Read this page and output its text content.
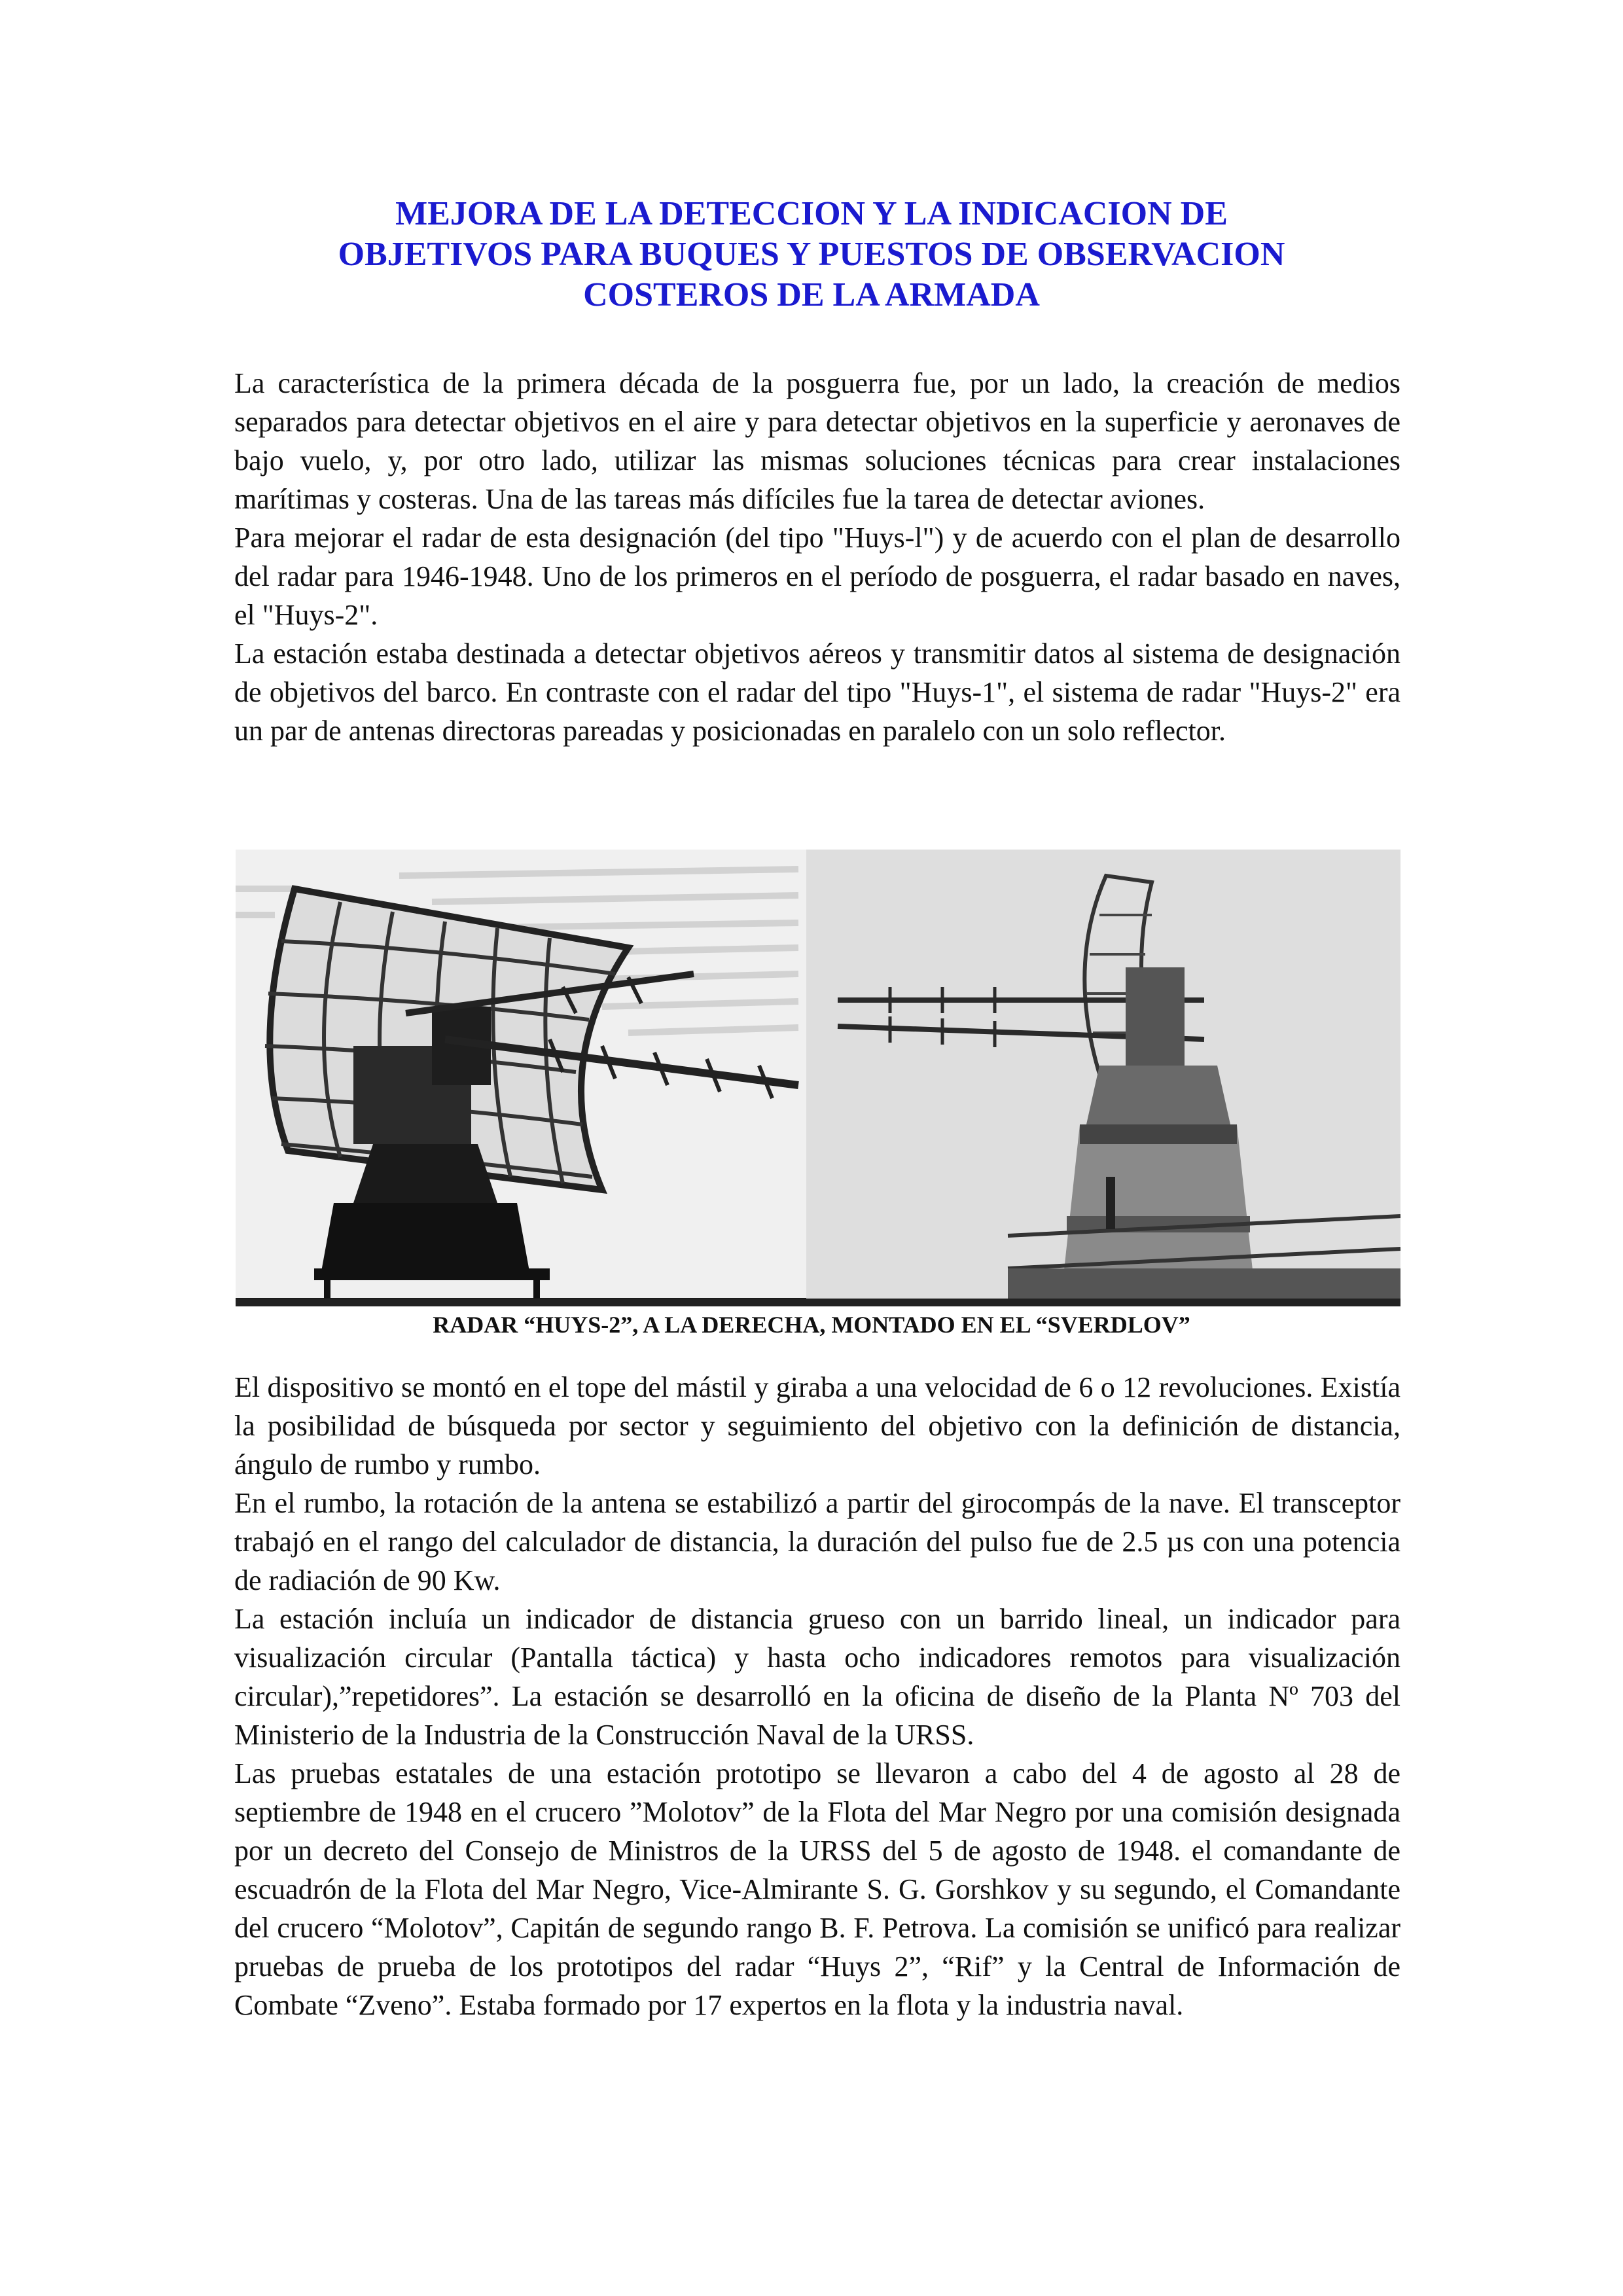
MEJORA DE LA DETECCION Y LA INDICACION DE
OBJETIVOS PARA BUQUES Y PUESTOS DE OBSERVACION
COSTEROS DE LA ARMADA

La característica de la primera década de la posguerra fue, por un lado, la creación de medios separados para detectar objetivos en el aire y para detectar objetivos en la superficie y aeronaves de bajo vuelo, y, por otro lado, utilizar las mismas soluciones técnicas para crear instalaciones marítimas y costeras. Una de las tareas más difíciles fue la tarea de detectar aviones.

Para mejorar el radar de esta designación (del tipo "Huys-l") y de acuerdo con el plan de desarrollo del radar para 1946-1948. Uno de los primeros en el período de posguerra, el radar basado en naves, el "Huys-2".

La estación estaba destinada a detectar objetivos aéreos y transmitir datos al sistema de designación de objetivos del barco. En contraste con el radar del tipo "Huys-1", el sistema de radar "Huys-2" era un par de antenas directoras pareadas y posicionadas en paralelo con un solo reflector.

RADAR “HUYS-2”, A LA DERECHA, MONTADO EN EL “SVERDLOV”

El dispositivo se montó en el tope del mástil y giraba a una velocidad de 6 o 12 revoluciones. Existía la posibilidad de búsqueda por sector y seguimiento del objetivo con la definición de distancia, ángulo de rumbo y rumbo.

En el rumbo, la rotación de la antena se estabilizó a partir del girocompás de la nave. El transceptor trabajó en el rango del calculador de distancia, la duración del pulso fue de 2.5 µs con una potencia de radiación de 90 Kw.

La estación incluía un indicador de distancia grueso con un barrido lineal, un indicador para visualización circular (Pantalla táctica) y hasta ocho indicadores remotos para visualización circular),”repetidores”. La estación se desarrolló en la oficina de diseño de la Planta Nº 703 del Ministerio de la Industria de la Construcción Naval de la URSS.

Las pruebas estatales de una estación prototipo se llevaron a cabo del 4 de agosto al 28 de septiembre de 1948 en el crucero ”Molotov” de la Flota del Mar Negro por una comisión designada por un decreto del Consejo de Ministros de la URSS del 5 de agosto de 1948. el comandante de escuadrón de la Flota del Mar Negro, Vice-Almirante S. G. Gorshkov y su segundo, el Comandante del crucero “Molotov”, Capitán de segundo rango B. F. Petrova. La comisión se unificó para realizar pruebas de prueba de los prototipos del radar “Huys 2”, “Rif” y la Central de Información de Combate “Zveno”. Estaba formado por 17 expertos en la flota y la industria naval.
